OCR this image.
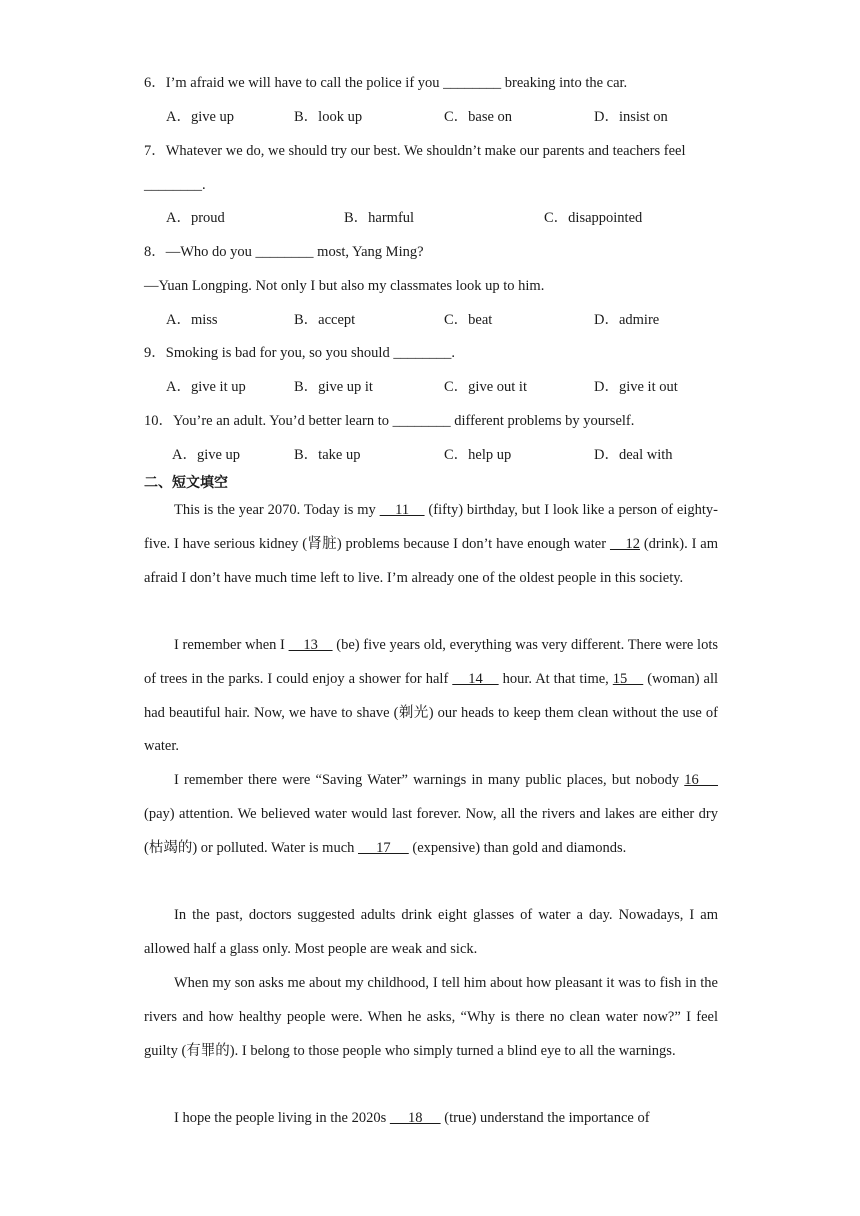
6．I’m afraid we will have to call the police if you ________ breaking into the car.
A．give up	B．look up	C．base on	D．insist on
7．Whatever we do, we should try our best. We shouldn’t make our parents and teachers feel
________.
A．proud	B．harmful	C．disappointed
8．—Who do you ________ most, Yang Ming?
—Yuan Longping. Not only I but also my classmates look up to him.
A．miss	B．accept	C．beat	D．admire
9．Smoking is bad for you, so you should ________.
A．give it up	B．give up it	C．give out it	D．give it out
10．You’re an adult. You’d better learn to ________ different problems by yourself.
A．give up	B．take up	C．help up	D．deal with
二、短文填空
This is the year 2070. Today is my     11     (fifty) birthday, but I look like a person of eighty-five. I have serious kidney (肾脏) problems because I don’t have enough water     12 (drink). I am afraid I don’t have much time left to live. I’m already one of the oldest people in this society.
I remember when I     13     (be) five years old, everything was very different. There were lots of trees in the parks. I could enjoy a shower for half     14     hour. At that time, 15     (woman) all had beautiful hair. Now, we have to shave (剃光) our heads to keep them clean without the use of water.
I remember there were “Saving Water” warnings in many public places, but nobody 16     (pay) attention. We believed water would last forever. Now, all the rivers and lakes are either dry (枯竭的) or polluted. Water is much      17      (expensive) than gold and diamonds.
In the past, doctors suggested adults drink eight glasses of water a day. Nowadays, I am allowed half a glass only. Most people are weak and sick.
When my son asks me about my childhood, I tell him about how pleasant it was to fish in the rivers and how healthy people were. When he asks, “Why is there no clean water now?” I feel guilty (有罪的). I belong to those people who simply turned a blind eye to all the warnings.
I hope the people living in the 2020s      18      (true) understand the importance of
